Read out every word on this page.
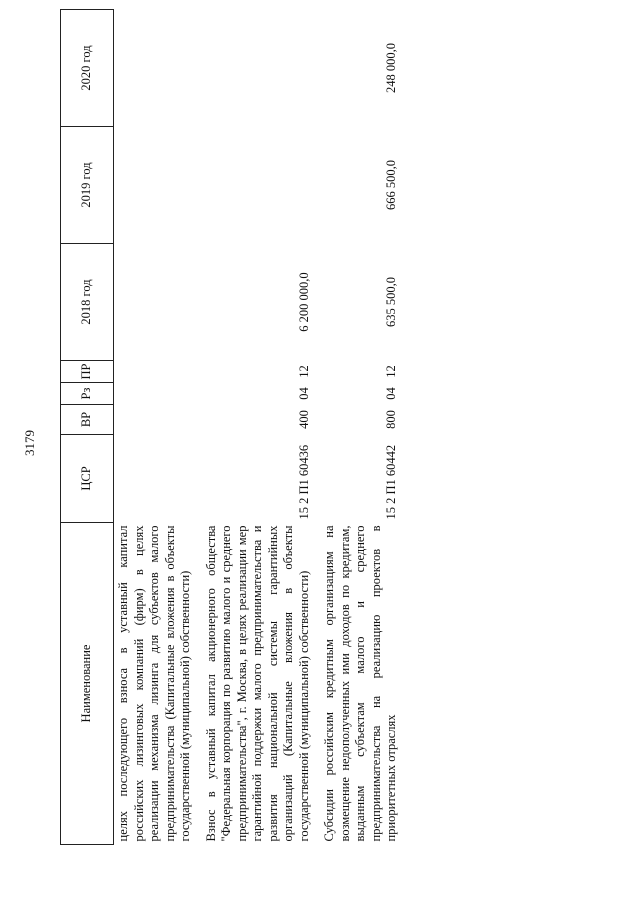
3179
Наименование	ЦСР	ВР	Рз	ПР	2018 год	2019 год	2020 год
целях последующего взноса в уставный капитал российских лизинговых компаний (фирм) в целях реализации механизма лизинга для субъектов малого предпринимательства (Капитальные вложения в объекты государственной (муниципальной) собственности)							
Взнос в уставный капитал акционерного общества "Федеральная корпорация по развитию малого и среднего предпринимательства", г. Москва, в целях реализации мер гарантийной поддержки малого предпринимательства и развития национальной системы гарантийных организаций (Капитальные вложения в объекты государственной (муниципальной) собственности)	15 2 П1 60436	400	04	12	6 200 000,0		
Субсидии российским кредитным организациям на возмещение недополученных ими доходов по кредитам, выданным субъектам малого и среднего предпринимательства на реализацию проектов в приоритетных отраслях	15 2 П1 60442	800	04	12	635 500,0	666 500,0	248 000,0
